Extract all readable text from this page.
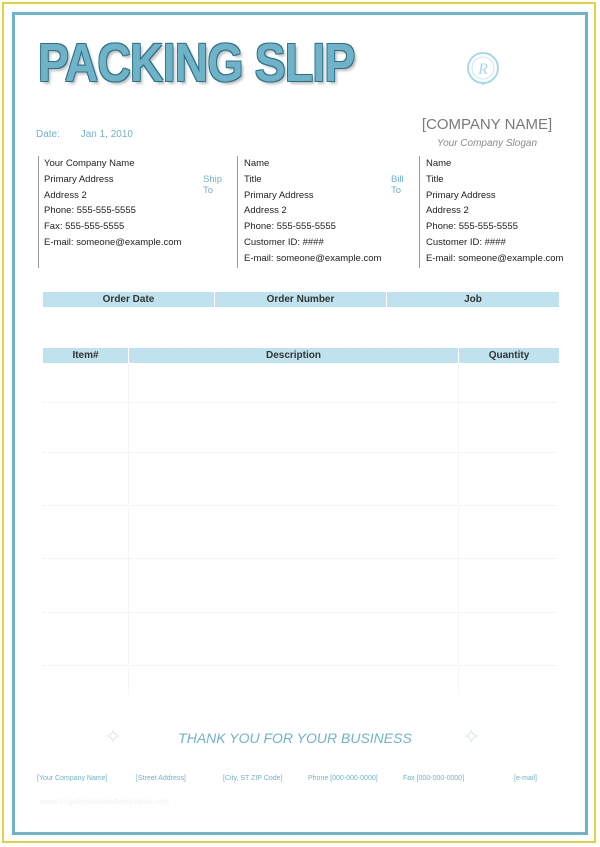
PACKING SLIP	R
Date: Jan 1, 2010
[COMPANY NAME]
Your Company Slogan
Your Company Name
Primary Address
Address 2
Phone: 555-555-5555
Fax: 555-555-5555
E-mail: someone@example.com
Ship
To
Name
Title
Primary Address
Address 2
Phone: 555-555-5555
Customer ID: ####
E-mail: someone@example.com
Bill
To
Name
Title
Primary Address
Address 2
Phone: 555-555-5555
Customer ID: ####
E-mail: someone@example.com
Order Date	Order Number	Job
Item#	Description	Quantity
✧	THANK YOU FOR YOUR BUSINESS	✧
[Your Company Name]	[Street Address]	[City, ST ZIP Code]	Phone [000-000-0000]	Fax [000-000-0000]	[e-mail]
www.largeformatusedtemplates.com
